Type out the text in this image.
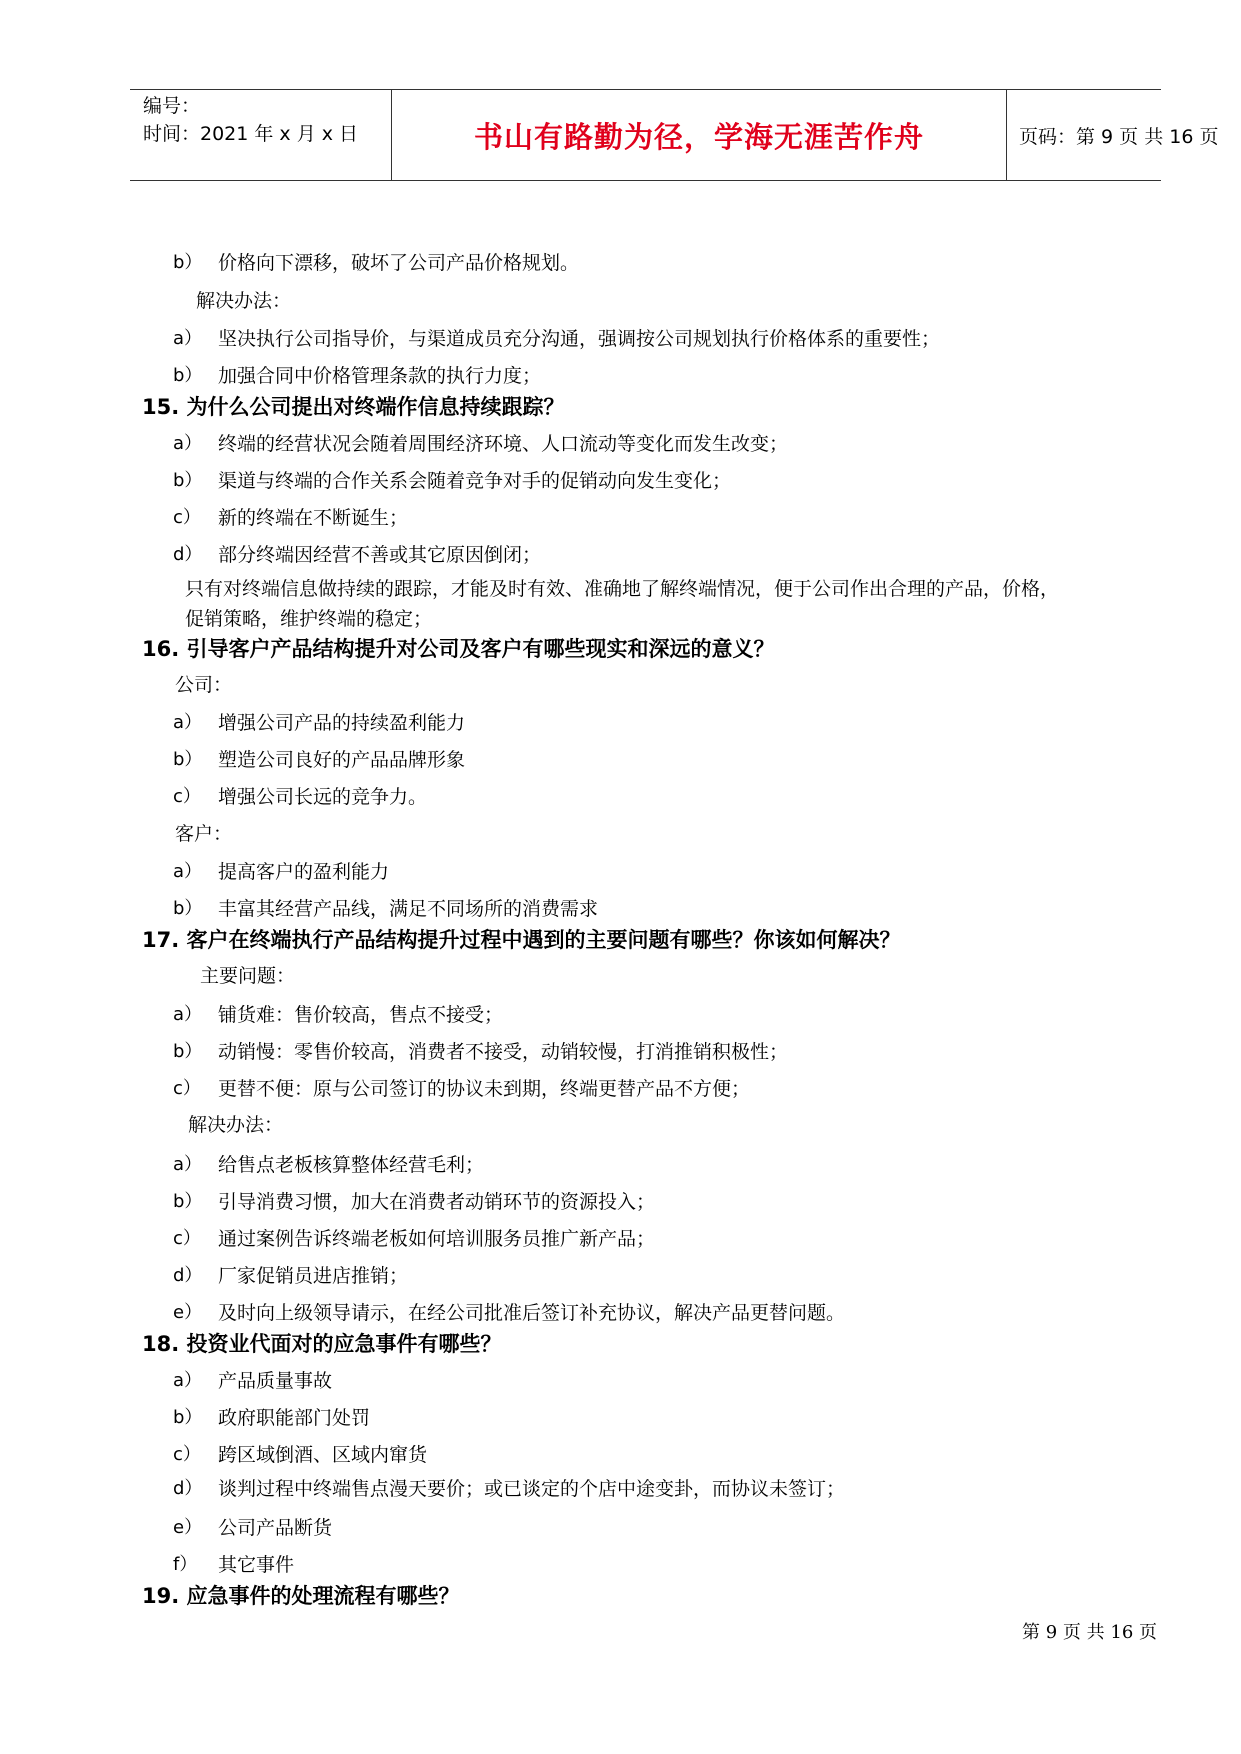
编号：
时间：2021 年 x 月 x 日	书山有路勤为径，学海无涯苦作舟	页码：第 9 页 共 16 页
b） 价格向下漂移，破坏了公司产品价格规划。
解决办法：
a） 坚决执行公司指导价，与渠道成员充分沟通，强调按公司规划执行价格体系的重要性；
b） 加强合同中价格管理条款的执行力度；
15. 为什么公司提出对终端作信息持续跟踪？
a） 终端的经营状况会随着周围经济环境、人口流动等变化而发生改变；
b） 渠道与终端的合作关系会随着竞争对手的促销动向发生变化；
c） 新的终端在不断诞生；
d） 部分终端因经营不善或其它原因倒闭；
只有对终端信息做持续的跟踪，才能及时有效、准确地了解终端情况，便于公司作出合理的产品，价格，
促销策略，维护终端的稳定；
16. 引导客户产品结构提升对公司及客户有哪些现实和深远的意义？
公司：
a） 增强公司产品的持续盈利能力
b） 塑造公司良好的产品品牌形象
c） 增强公司长远的竞争力。
客户：
a） 提高客户的盈利能力
b） 丰富其经营产品线，满足不同场所的消费需求
17. 客户在终端执行产品结构提升过程中遇到的主要问题有哪些？你该如何解决？
主要问题：
a） 铺货难：售价较高，售点不接受；
b） 动销慢：零售价较高，消费者不接受，动销较慢，打消推销积极性；
c） 更替不便：原与公司签订的协议未到期，终端更替产品不方便；
解决办法：
a） 给售点老板核算整体经营毛利；
b） 引导消费习惯，加大在消费者动销环节的资源投入；
c） 通过案例告诉终端老板如何培训服务员推广新产品；
d） 厂家促销员进店推销；
e） 及时向上级领导请示，在经公司批准后签订补充协议，解决产品更替问题。
18. 投资业代面对的应急事件有哪些？
a） 产品质量事故
b） 政府职能部门处罚
c） 跨区域倒酒、区域内窜货
d） 谈判过程中终端售点漫天要价；或已谈定的个店中途变卦，而协议未签订；
e） 公司产品断货
f） 其它事件
19. 应急事件的处理流程有哪些？
第 9 页 共 16 页
